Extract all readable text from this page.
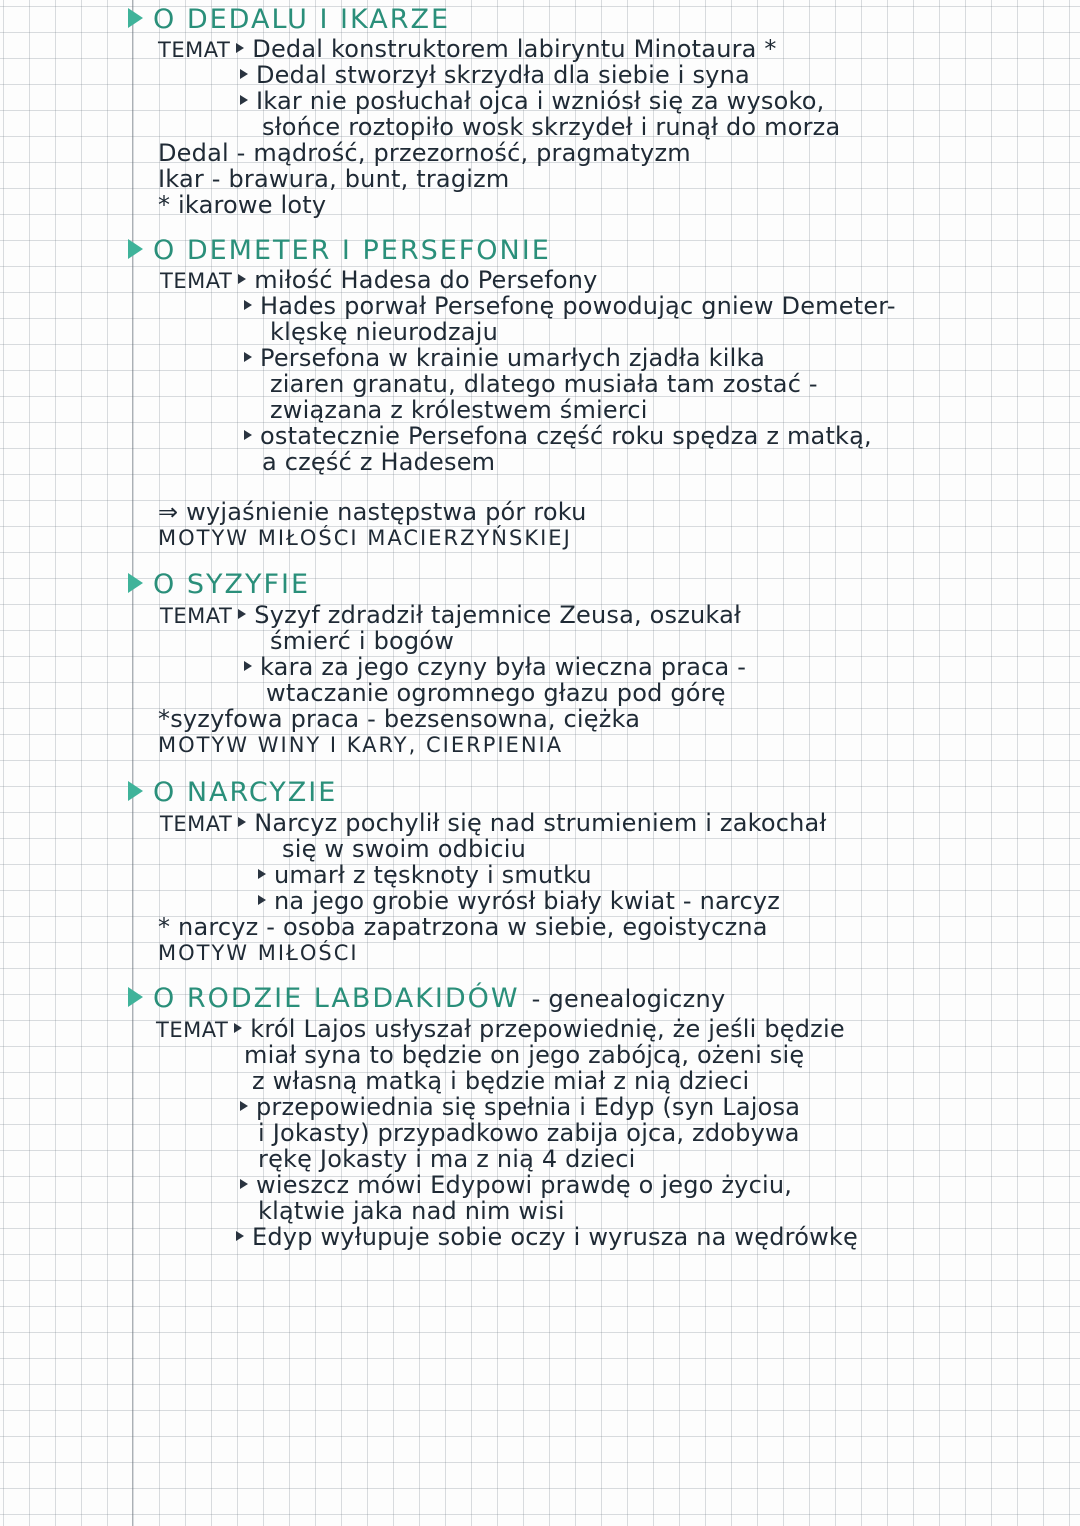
O DEDALU I IKARZE
TEMAT Dedal konstruktorem labiryntu Minotaura *
Dedal stworzył skrzydła dla siebie i syna
Ikar nie posłuchał ojca i wzniósł się za wysoko,
słońce roztopiło wosk skrzydeł i runął do morza
Dedal - mądrość, przezorność, pragmatyzm
Ikar - brawura, bunt, tragizm
* ikarowe loty
O DEMETER I PERSEFONIE
TEMAT miłość Hadesa do Persefony
Hades porwał Persefonę powodując gniew Demeter-
klęskę nieurodzaju
Persefona w krainie umarłych zjadła kilka
ziaren granatu, dlatego musiała tam zostać -
związana z królestwem śmierci
ostatecznie Persefona część roku spędza z matką,
a część z Hadesem
⇒ wyjaśnienie następstwa pór roku
MOTYW MIŁOŚCI MACIERZYŃSKIEJ
O SYZYFIE
TEMAT Syzyf zdradził tajemnice Zeusa, oszukał
śmierć i bogów
kara za jego czyny była wieczna praca -
wtaczanie ogromnego głazu pod górę
*syzyfowa praca - bezsensowna, ciężka
MOTYW WINY I KARY, CIERPIENIA
O NARCYZIE
TEMAT Narcyz pochylił się nad strumieniem i zakochał
się w swoim odbiciu
umarł z tęsknoty i smutku
na jego grobie wyrósł biały kwiat - narcyz
* narcyz - osoba zapatrzona w siebie, egoistyczna
MOTYW MIŁOŚCI
O RODZIE LABDAKIDÓW - genealogiczny
TEMAT król Lajos usłyszał przepowiednię, że jeśli będzie
miał syna to będzie on jego zabójcą, ożeni się
z własną matką i będzie miał z nią dzieci
przepowiednia się spełnia i Edyp (syn Lajosa
i Jokasty) przypadkowo zabija ojca, zdobywa
rękę Jokasty i ma z nią 4 dzieci
wieszcz mówi Edypowi prawdę o jego życiu,
klątwie jaka nad nim wisi
Edyp wyłupuje sobie oczy i wyrusza na wędrówkę
